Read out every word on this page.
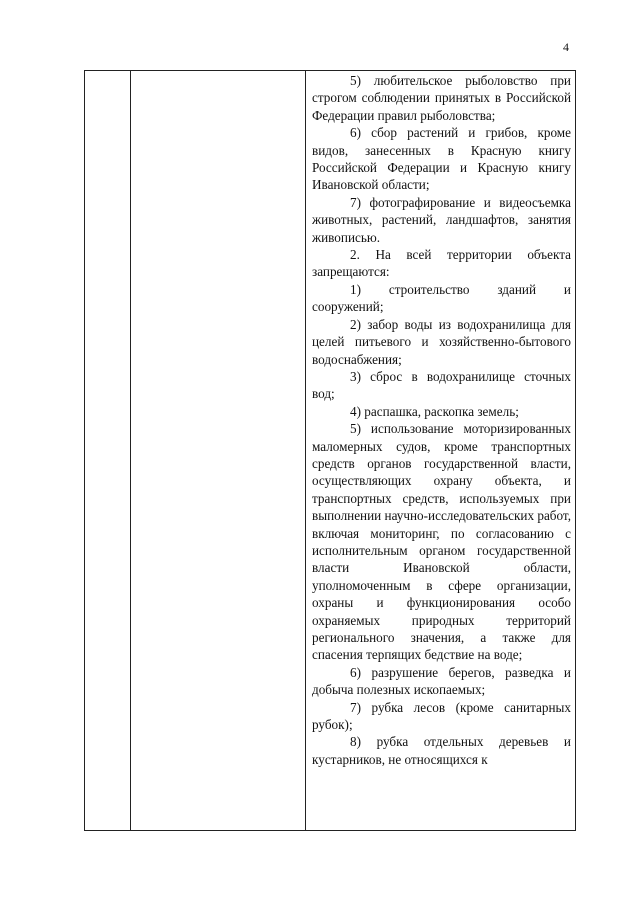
4

5) любительское рыболовство при строгом соблюдении принятых в Российской Федерации правил рыболовства;

6) сбор растений и грибов, кроме видов, занесенных в Красную книгу Российской Федерации и Красную книгу Ивановской области;

7) фотографирование и видеосъемка животных, растений, ландшафтов, занятия живописью.

2. На всей территории объекта запрещаются:

1) строительство зданий и сооружений;

2) забор воды из водохранилища для целей питьевого и хозяйственно-бытового водоснабжения;

3) сброс в водохранилище сточных вод;

4) распашка, раскопка земель;

5) использование моторизированных маломерных судов, кроме транспортных средств органов государственной власти, осуществляющих охрану объекта, и транспортных средств, используемых при выполнении научно-исследовательских работ, включая мониторинг, по согласованию с исполнительным органом государственной власти Ивановской области, уполномоченным в сфере организации, охраны и функционирования особо охраняемых природных территорий регионального значения, а также для спасения терпящих бедствие на воде;

6) разрушение берегов, разведка и добыча полезных ископаемых;

7) рубка лесов (кроме санитарных рубок);

8) рубка отдельных деревьев и кустарников, не относящихся к
